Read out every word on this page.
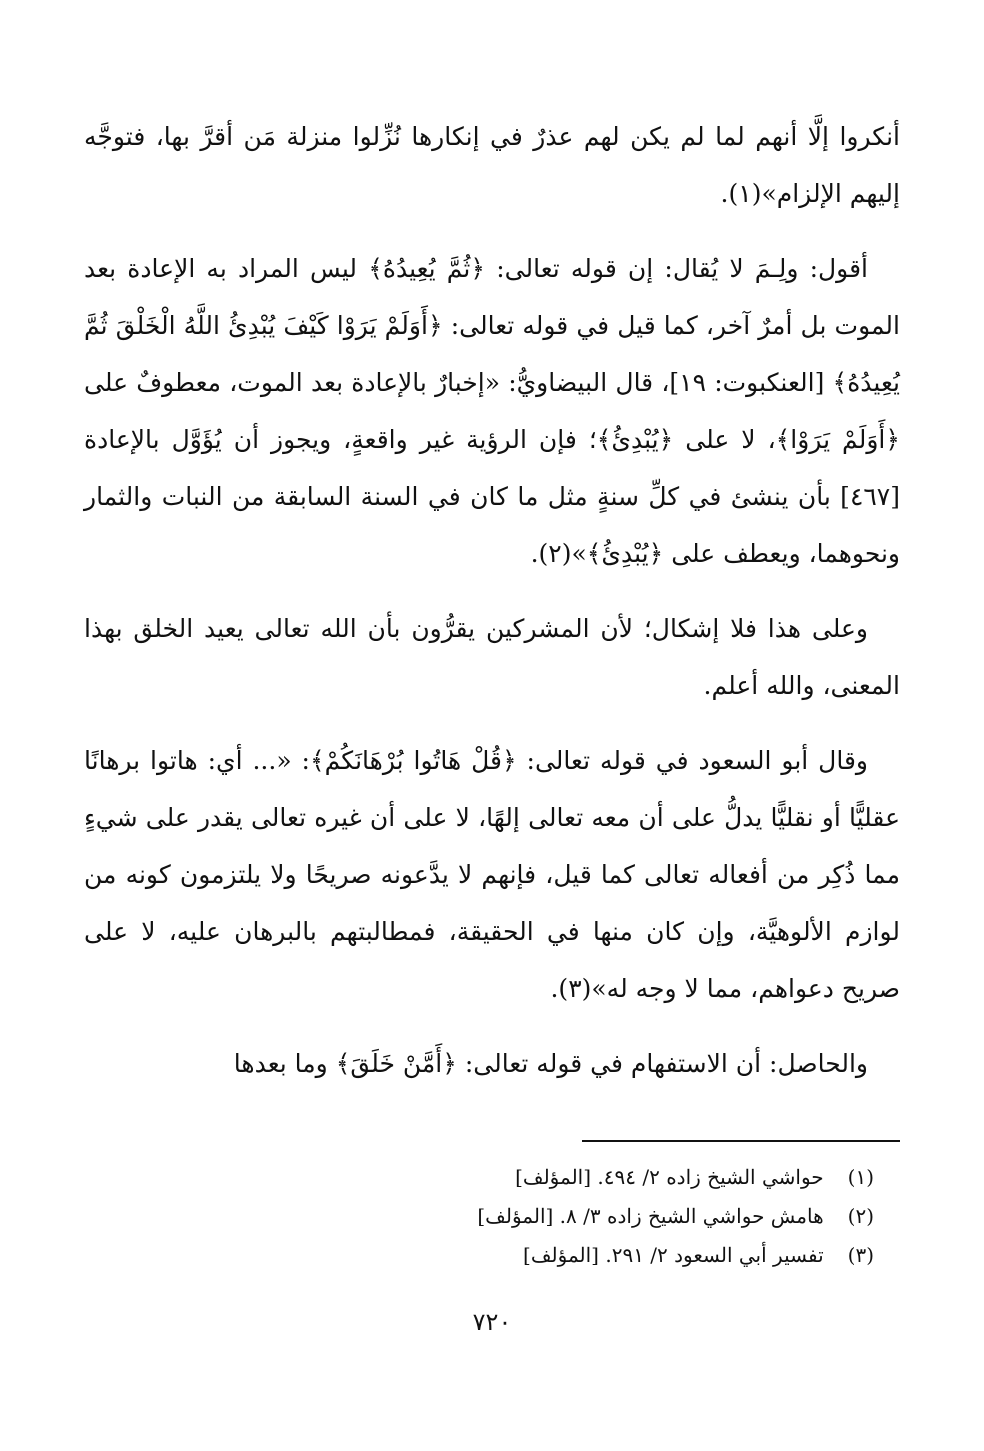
أنكروا إلَّا أنهم لما لم يكن لهم عذرٌ في إنكارها نُزِّلوا منزلة مَن أقرَّ بها، فتوجَّه إليهم الإلزام»(١).

أقول: ولِـمَ لا يُقال: إن قوله تعالى: ﴿ثُمَّ يُعِيدُهُ﴾ ليس المراد به الإعادة بعد الموت بل أمرٌ آخر، كما قيل في قوله تعالى: ﴿أَوَلَمْ يَرَوْا كَيْفَ يُبْدِئُ اللَّهُ الْخَلْقَ ثُمَّ يُعِيدُهُ﴾ [العنكبوت: ١٩]، قال البيضاويُّ: «إخبارٌ بالإعادة بعد الموت، معطوفٌ على ﴿أَوَلَمْ يَرَوْا﴾، لا على ﴿يُبْدِئُ﴾؛ فإن الرؤية غير واقعةٍ، ويجوز أن يُؤَوَّل بالإعادة [٤٦٧] بأن ينشئ في كلِّ سنةٍ مثل ما كان في السنة السابقة من النبات والثمار ونحوهما، ويعطف على ﴿يُبْدِئُ﴾»(٢).

وعلى هذا فلا إشكال؛ لأن المشركين يقرُّون بأن الله تعالى يعيد الخلق بهذا المعنى، والله أعلم.

وقال أبو السعود في قوله تعالى: ﴿قُلْ هَاتُوا بُرْهَانَكُمْ﴾: «... أي: هاتوا برهانًا عقليًّا أو نقليًّا يدلُّ على أن معه تعالى إلهًا، لا على أن غيره تعالى يقدر على شيءٍ مما ذُكِر من أفعاله تعالى كما قيل، فإنهم لا يدَّعونه صريحًا ولا يلتزمون كونه من لوازم الألوهيَّة، وإن كان منها في الحقيقة، فمطالبتهم بالبرهان عليه، لا على صريح دعواهم، مما لا وجه له»(٣).

والحاصل: أن الاستفهام في قوله تعالى: ﴿أَمَّنْ خَلَقَ﴾ وما بعدها

(١) حواشي الشيخ زاده ٢/ ٤٩٤. [المؤلف]

(٢) هامش حواشي الشيخ زاده ٣/ ٨. [المؤلف]

(٣) تفسير أبي السعود ٢/ ٢٩١. [المؤلف]

٧٢٠
